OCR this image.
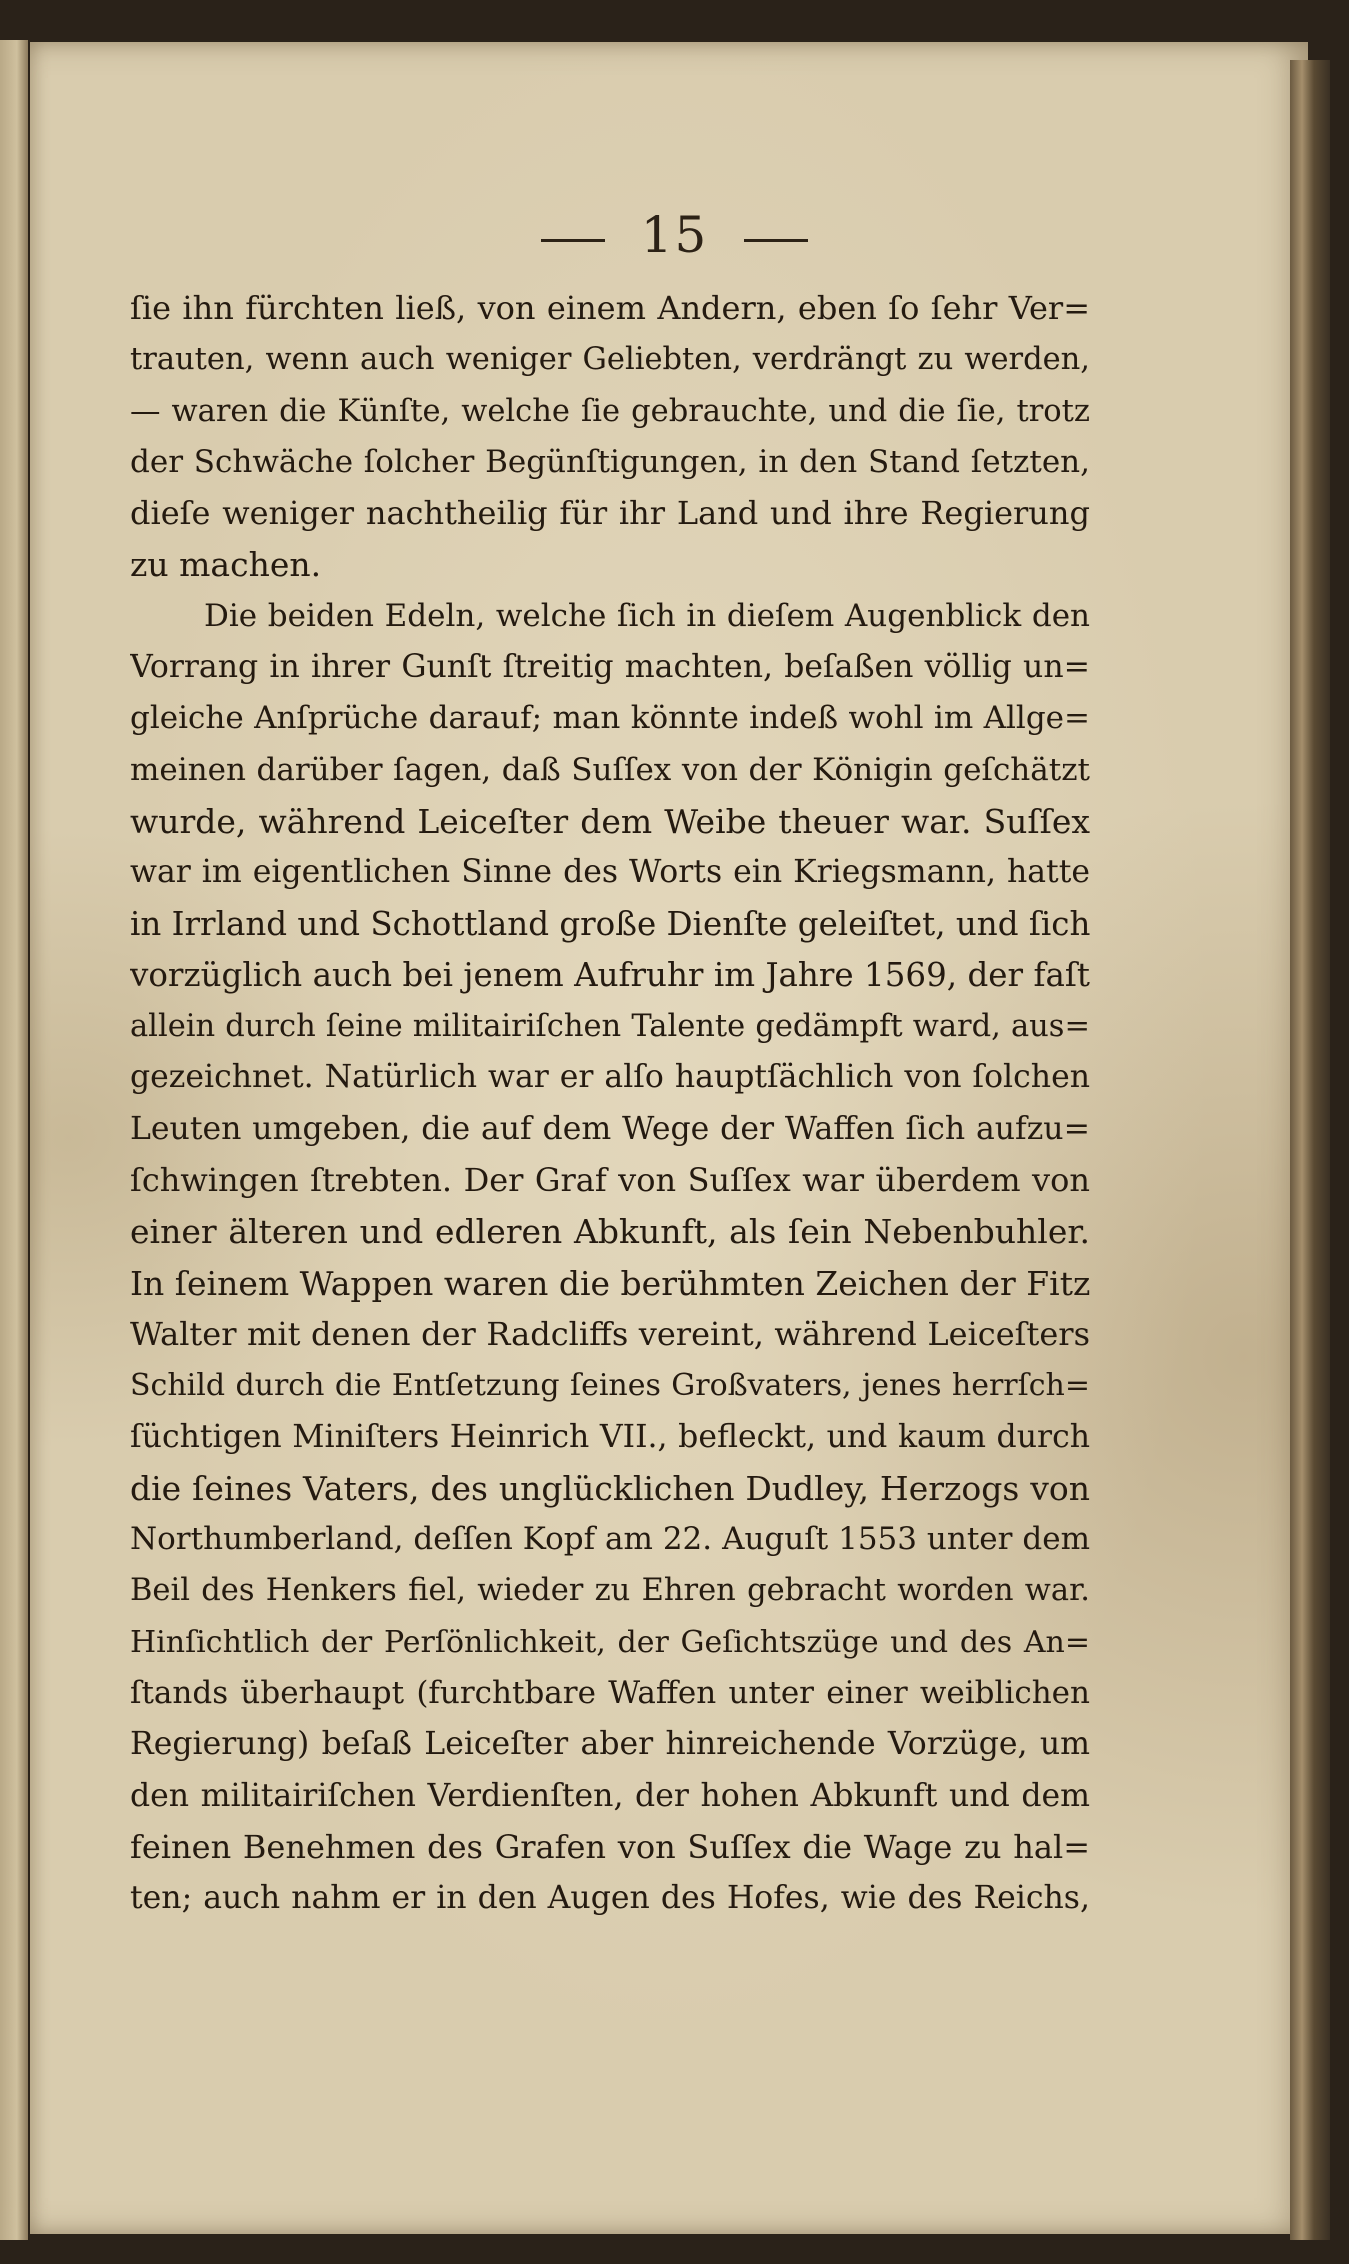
15
ſie ihn fürchten ließ, von einem Andern, eben ſo ſehr Ver=
trauten, wenn auch weniger Geliebten, verdrängt zu werden,
— waren die Künſte, welche ſie gebrauchte, und die ſie, trotz
der Schwäche ſolcher Begünſtigungen, in den Stand ſetzten,
dieſe weniger nachtheilig für ihr Land und ihre Regierung
zu machen.
Die beiden Edeln, welche ſich in dieſem Augenblick den
Vorrang in ihrer Gunſt ſtreitig machten, beſaßen völlig un=
gleiche Anſprüche darauf; man könnte indeß wohl im Allge=
meinen darüber ſagen, daß Suſſex von der Königin geſchätzt
wurde, während Leiceſter dem Weibe theuer war. Suſſex
war im eigentlichen Sinne des Worts ein Kriegsmann, hatte
in Irrland und Schottland große Dienſte geleiſtet, und ſich
vorzüglich auch bei jenem Aufruhr im Jahre 1569, der faſt
allein durch ſeine militairiſchen Talente gedämpft ward, aus=
gezeichnet. Natürlich war er alſo hauptſächlich von ſolchen
Leuten umgeben, die auf dem Wege der Waffen ſich aufzu=
ſchwingen ſtrebten. Der Graf von Suſſex war überdem von
einer älteren und edleren Abkunft, als ſein Nebenbuhler.
In ſeinem Wappen waren die berühmten Zeichen der Fitz
Walter mit denen der Radcliffs vereint, während Leiceſters
Schild durch die Entſetzung ſeines Großvaters, jenes herrſch=
ſüchtigen Miniſters Heinrich VII., befleckt, und kaum durch
die ſeines Vaters, des unglücklichen Dudley, Herzogs von
Northumberland, deſſen Kopf am 22. Auguſt 1553 unter dem
Beil des Henkers fiel, wieder zu Ehren gebracht worden war.
Hinſichtlich der Perſönlichkeit, der Geſichtszüge und des An=
ſtands überhaupt (furchtbare Waffen unter einer weiblichen
Regierung) beſaß Leiceſter aber hinreichende Vorzüge, um
den militairiſchen Verdienſten, der hohen Abkunft und dem
feinen Benehmen des Grafen von Suſſex die Wage zu hal=
ten; auch nahm er in den Augen des Hofes, wie des Reichs,
